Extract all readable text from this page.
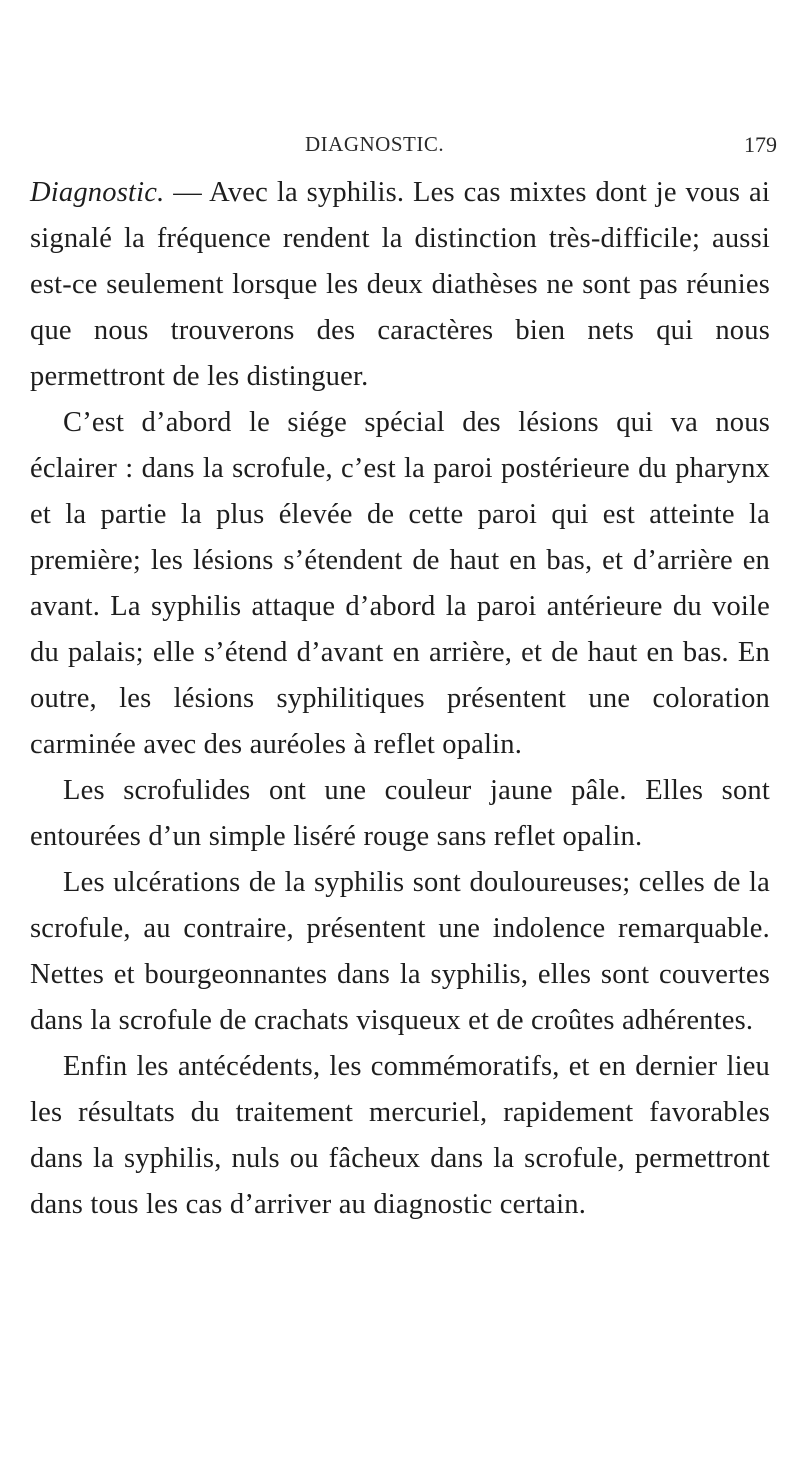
DIAGNOSTIC.	179

Diagnostic. — Avec la syphilis. Les cas mixtes dont je vous ai signalé la fréquence rendent la distinction très-difficile; aussi est-ce seulement lorsque les deux diathèses ne sont pas réunies que nous trouverons des caractères bien nets qui nous permettront de les distinguer.

C’est d’abord le siége spécial des lésions qui va nous éclairer : dans la scrofule, c’est la paroi postérieure du pharynx et la partie la plus élevée de cette paroi qui est atteinte la première; les lésions s’étendent de haut en bas, et d’arrière en avant. La syphilis attaque d’abord la paroi antérieure du voile du palais; elle s’étend d’avant en arrière, et de haut en bas. En outre, les lésions syphilitiques présentent une coloration carminée avec des auréoles à reflet opalin.

Les scrofulides ont une couleur jaune pâle. Elles sont entourées d’un simple liséré rouge sans reflet opalin.

Les ulcérations de la syphilis sont douloureuses; celles de la scrofule, au contraire, présentent une indolence remarquable. Nettes et bourgeonnantes dans la syphilis, elles sont couvertes dans la scrofule de crachats visqueux et de croûtes adhérentes.

Enfin les antécédents, les commémoratifs, et en dernier lieu les résultats du traitement mercuriel, rapidement favorables dans la syphilis, nuls ou fâcheux dans la scrofule, permettront dans tous les cas d’arriver au diagnostic certain.
